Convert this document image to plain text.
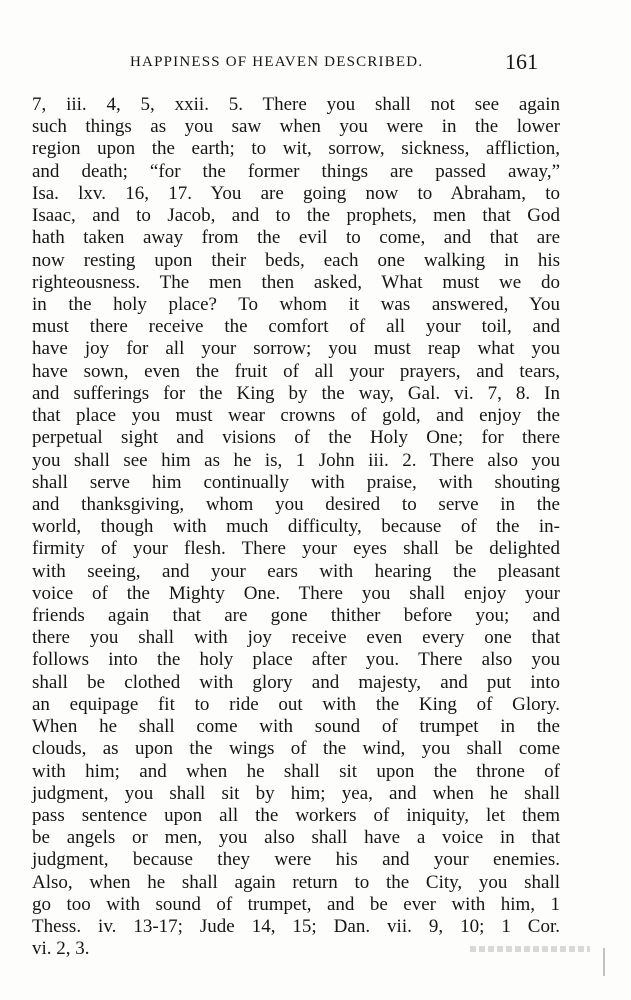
HAPPINESS OF HEAVEN DESCRIBED.	161
7, iii. 4, 5, xxii. 5. There you shall not see again
such things as you saw when you were in the lower
region upon the earth; to wit, sorrow, sickness, affliction,
and death; “for the former things are passed away,”
Isa. lxv. 16, 17. You are going now to Abraham, to
Isaac, and to Jacob, and to the prophets, men that God
hath taken away from the evil to come, and that are
now resting upon their beds, each one walking in his
righteousness. The men then asked, What must we do
in the holy place? To whom it was answered, You
must there receive the comfort of all your toil, and
have joy for all your sorrow; you must reap what you
have sown, even the fruit of all your prayers, and tears,
and sufferings for the King by the way, Gal. vi. 7, 8. In
that place you must wear crowns of gold, and enjoy the
perpetual sight and visions of the Holy One; for there
you shall see him as he is, 1 John iii. 2. There also you
shall serve him continually with praise, with shouting
and thanksgiving, whom you desired to serve in the
world, though with much difficulty, because of the in-
firmity of your flesh. There your eyes shall be delighted
with seeing, and your ears with hearing the pleasant
voice of the Mighty One. There you shall enjoy your
friends again that are gone thither before you; and
there you shall with joy receive even every one that
follows into the holy place after you. There also you
shall be clothed with glory and majesty, and put into
an equipage fit to ride out with the King of Glory.
When he shall come with sound of trumpet in the
clouds, as upon the wings of the wind, you shall come
with him; and when he shall sit upon the throne of
judgment, you shall sit by him; yea, and when he shall
pass sentence upon all the workers of iniquity, let them
be angels or men, you also shall have a voice in that
judgment, because they were his and your enemies.
Also, when he shall again return to the City, you shall
go too with sound of trumpet, and be ever with him, 1
Thess. iv. 13-17; Jude 14, 15; Dan. vii. 9, 10; 1 Cor.
vi. 2, 3.
